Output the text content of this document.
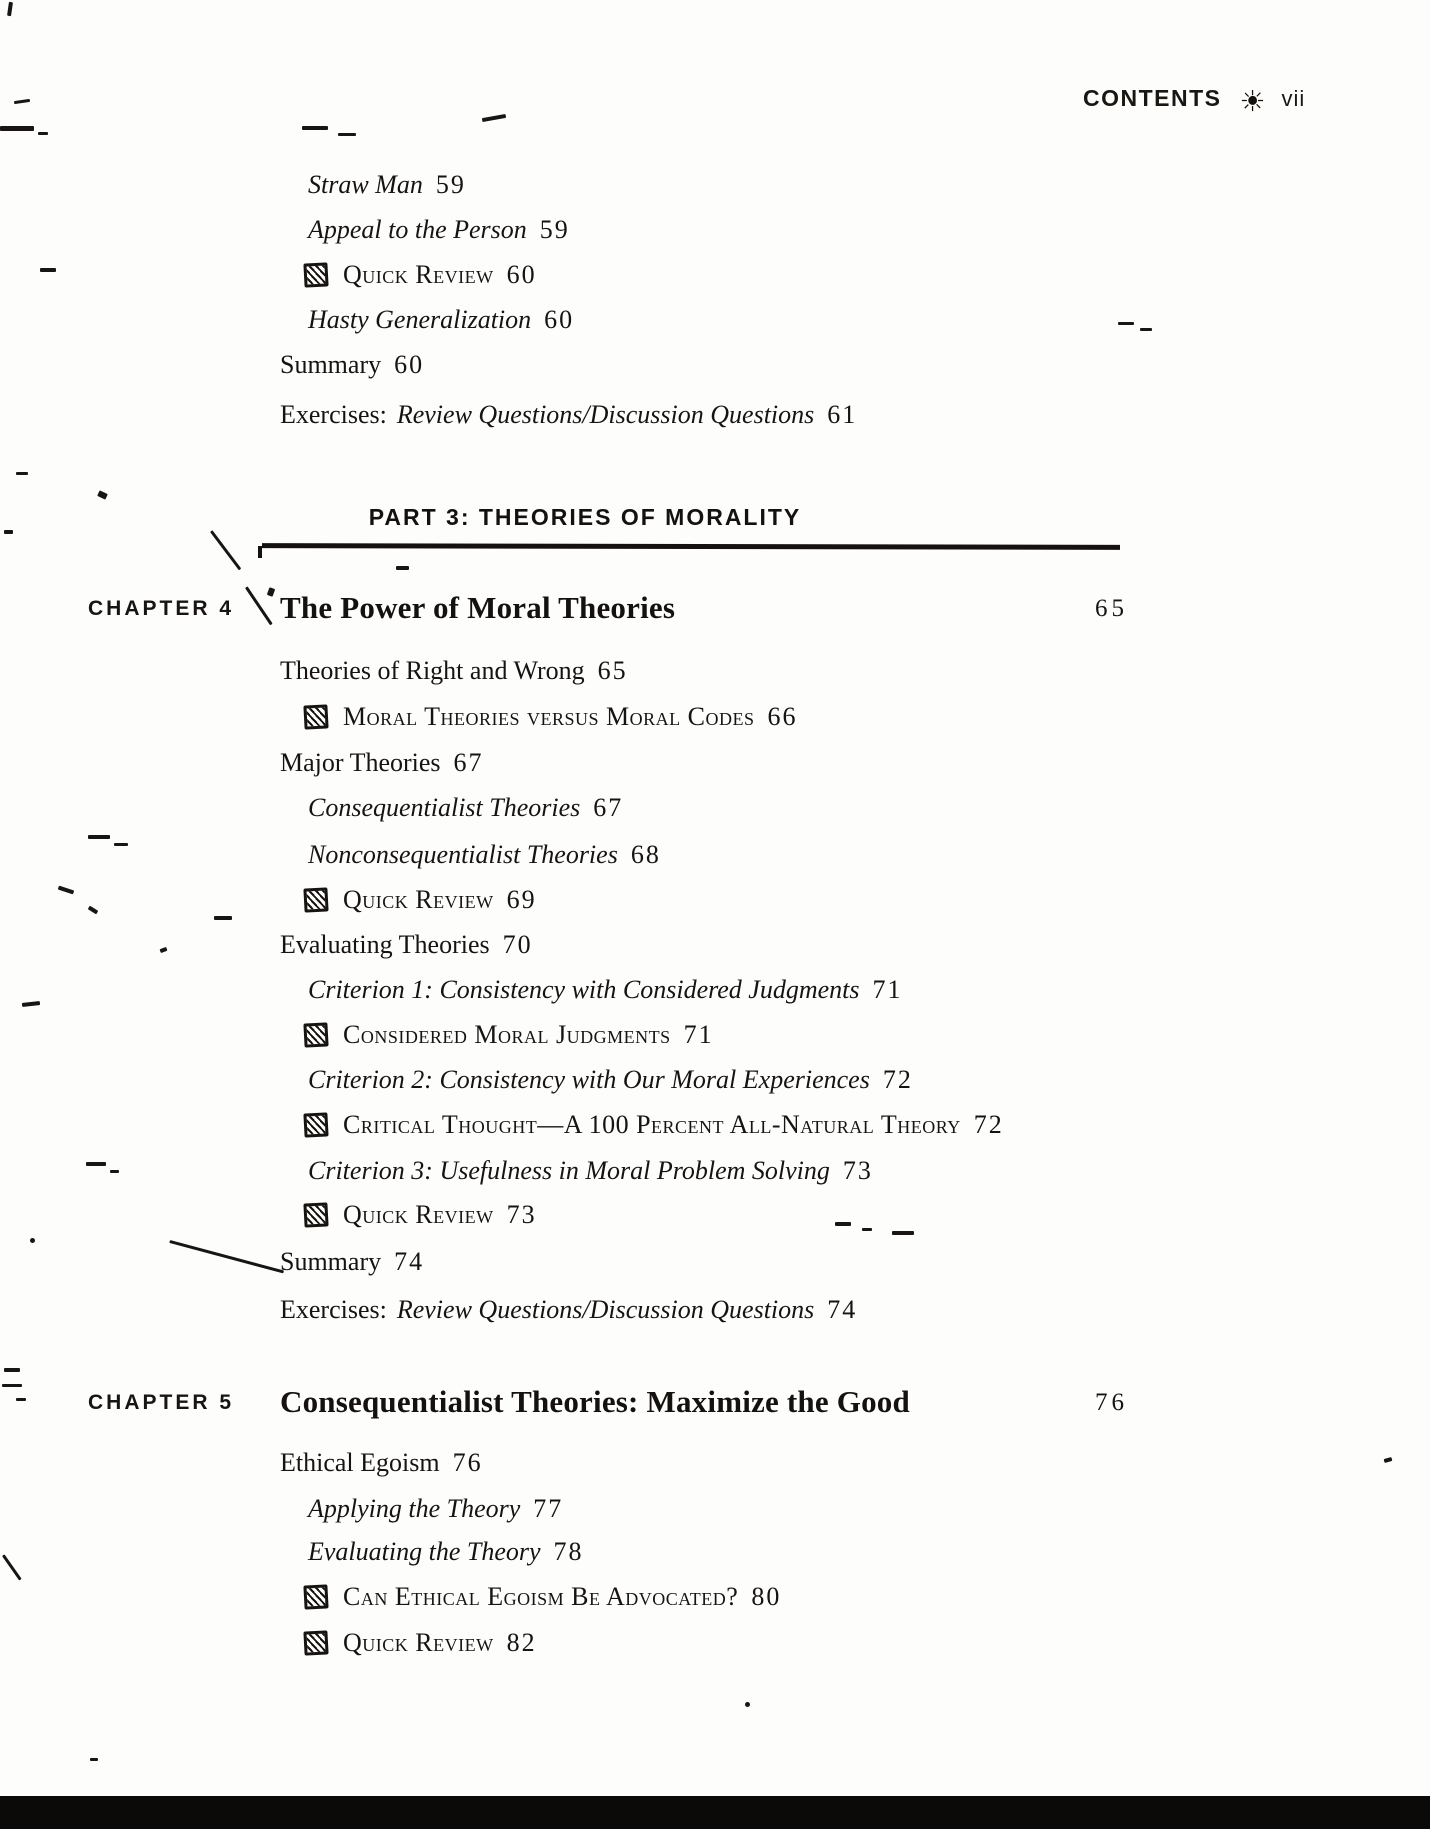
CONTENTS ☀ vii
Straw Man 59
Appeal to the Person 59
Quick Review 60
Hasty Generalization 60
Summary 60
Exercises: Review Questions/Discussion Questions 61
PART 3: THEORIES OF MORALITY
CHAPTER 4 The Power of Moral Theories	65
Theories of Right and Wrong 65
Moral Theories versus Moral Codes 66
Major Theories 67
Consequentialist Theories 67
Nonconsequentialist Theories 68
Quick Review 69
Evaluating Theories 70
Criterion 1: Consistency with Considered Judgments 71
Considered Moral Judgments 71
Criterion 2: Consistency with Our Moral Experiences 72
Critical Thought—A 100 Percent All-Natural Theory 72
Criterion 3: Usefulness in Moral Problem Solving 73
Quick Review 73
Summary 74
Exercises: Review Questions/Discussion Questions 74
CHAPTER 5 Consequentialist Theories: Maximize the Good	76
Ethical Egoism 76
Applying the Theory 77
Evaluating the Theory 78
Can Ethical Egoism Be Advocated? 80
Quick Review 82
